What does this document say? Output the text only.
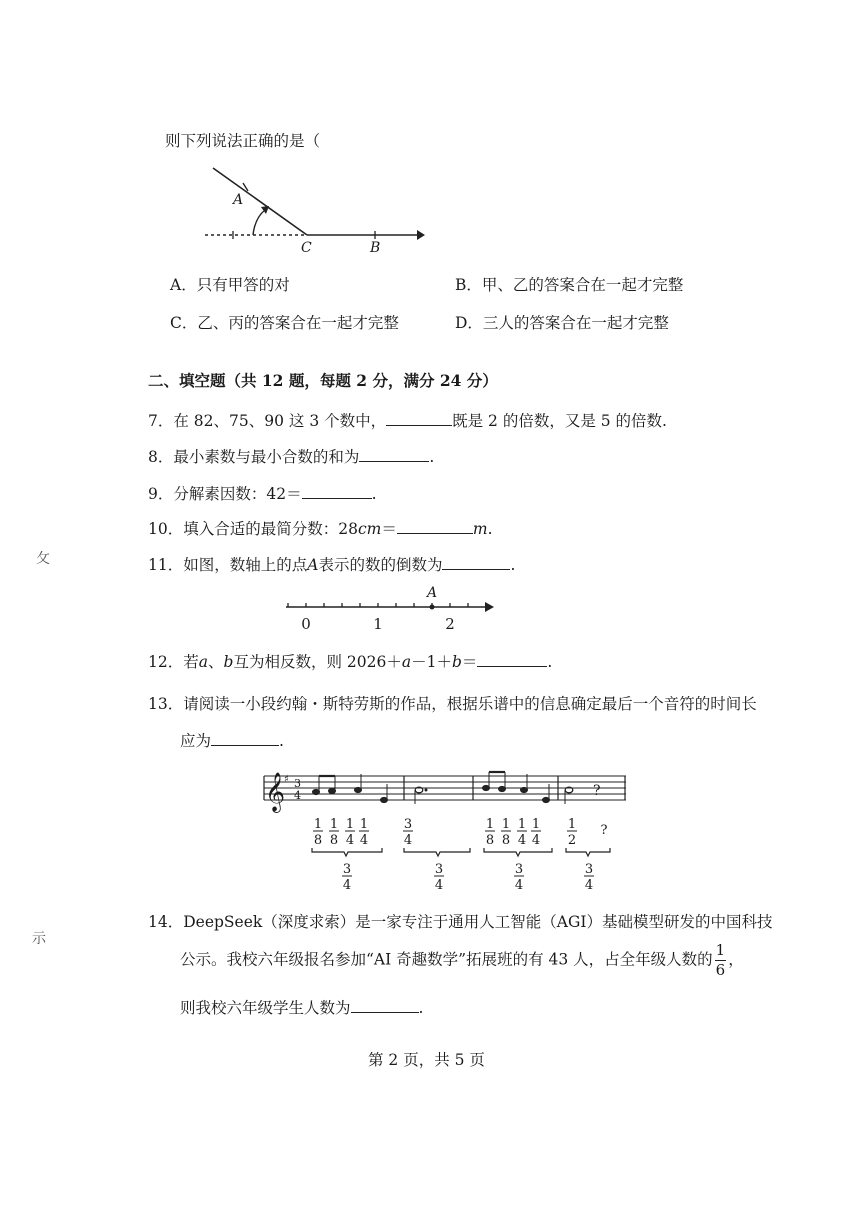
攵
示
则下列说法正确的是（
A
C	B
A．只有甲答的对	B．甲、乙的答案合在一起才完整
C．乙、丙的答案合在一起才完整	D．三人的答案合在一起才完整
二、填空题（共 12 题，每题 2 分，满分 24 分）
7．在 82、75、90 这 3 个数中，	既是 2 的倍数，又是 5 的倍数.
8．最小素数与最小合数的和为	.
9．分解素因数：42＝	.
10．填入合适的最简分数：28cm＝	m.
11．如图，数轴上的点A表示的数的倒数为	.
A
0	1	2
12．若a、b互为相反数，则 2026＋a－1＋b＝	.
13．请阅读一小段约翰・斯特劳斯的作品，根据乐谱中的信息确定最后一个音符的时间长
应为	.
𝄞
♯ 3
4	?
1
8
1
8
1
4
1
4
3
4
1
8
1
8
1
4
1
4
1
2
?
3
4
3
4
3
4
3
4
14．DeepSeek（深度求索）是一家专注于通用人工智能（AGI）基础模型研发的中国科技
公示。我校六年级报名参加“AI 奇趣数学”拓展班的有 43 人，占全年级人数的 $\frac{1}{6}$ ，
则我校六年级学生人数为	.
第 2 页，共 5 页
